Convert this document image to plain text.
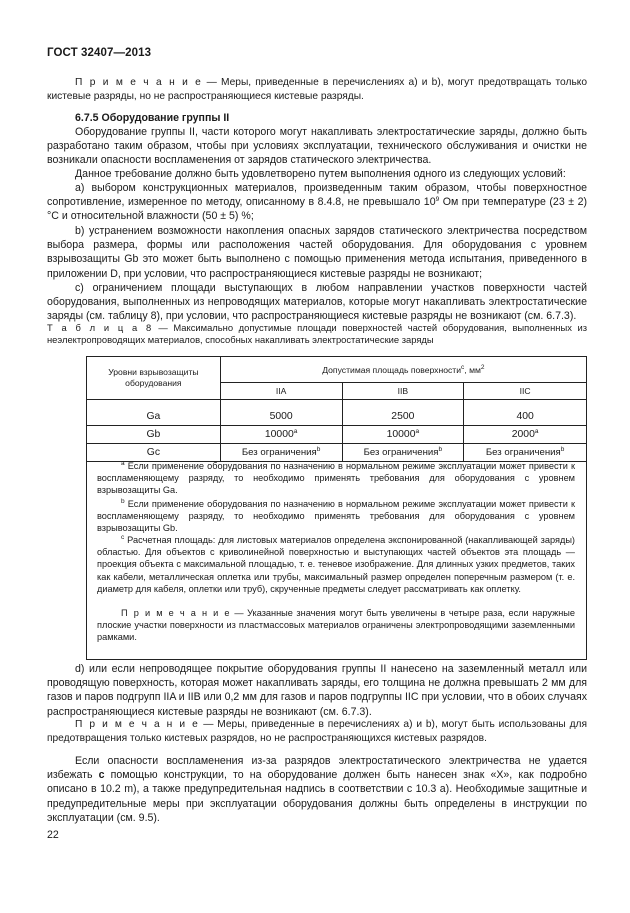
ГОСТ 32407—2013
П р и м е ч а н и е — Меры, приведенные в перечислениях а) и b), могут предотвращать только кистевые разряды, но не распространяющиеся кистевые разряды.
6.7.5 Оборудование группы II
Оборудование группы II, части которого могут накапливать электростатические заряды, должно быть разработано таким образом, чтобы при условиях эксплуатации, технического обслуживания и очистки не возникали опасности воспламенения от зарядов статического электричества.
Данное требование должно быть удовлетворено путем выполнения одного из следующих условий:
а) выбором конструкционных материалов, произведенным таким образом, чтобы поверхностное сопротивление, измеренное по методу, описанному в 8.4.8, не превышало $10^9$ Ом при температуре (23 ± 2) °С и относительной влажности (50 ± 5) %;
b) устранением возможности накопления опасных зарядов статического электричества посредством выбора размера, формы или расположения частей оборудования. Для оборудования с уровнем взрывозащиты Gb это может быть выполнено с помощью применения метода испытания, приведенного в приложении D, при условии, что распространяющиеся кистевые разряды не возникают;
с) ограничением площади выступающих в любом направлении участков поверхности частей оборудования, выполненных из непроводящих материалов, которые могут накапливать электростатические заряды (см. таблицу 8), при условии, что распространяющиеся кистевые разряды не возникают (см. 6.7.3).
Т а б л и ц а 8 — Максимально допустимые площади поверхностей частей оборудования, выполненных из неэлектропроводящих материалов, способных накапливать электростатические заряды
Уровни взрывозащиты оборудования	Допустимая площадь поверхности$^с$, $мм^2$
	IIA	IIB	IIC

Ga	5000	2500	400
Gb	10000$^a$	10000$^a$	2000$^a$
Gc	Без ограничения$^b$	Без ограничения$^b$	Без ограничения$^b$
$^а$ Если применение оборудования по назначению в нормальном режиме эксплуатации может привести к воспламеняющему разряду, то необходимо применять требования для оборудования с уровнем взрывозащиты Ga.
$^b$ Если применение оборудования по назначению в нормальном режиме эксплуатации может привести к воспламеняющему разряду, то необходимо применять требования для оборудования с уровнем взрывозащиты Gb.
$^с$ Расчетная площадь: для листовых материалов определена экспонированной (накапливающей заряды) областью. Для объектов с криволинейной поверхностью и выступающих частей объектов эта площадь — проекция объекта с максимальной площадью, т. е. теневое изображение. Для длинных узких предметов, таких как кабели, металлическая оплетка или трубы, максимальный размер определен поперечным размером (т. е. диаметр для кабеля, оплетки или труб), скрученные предметы следует рассматривать как оплетку.
П р и м е ч а н и е — Указанные значения могут быть увеличены в четыре раза, если наружные плоские участки поверхности из пластмассовых материалов ограничены электропроводящими заземленными рамками.
d) или если непроводящее покрытие оборудования группы II нанесено на заземленный металл или проводящую поверхность, которая может накапливать заряды, его толщина не должна превышать 2 мм для газов и паров подгрупп IIA и IIB или 0,2 мм для газов и паров подгруппы IIC при условии, что в обоих случаях распространяющиеся кистевые разряды не возникают (см. 6.7.3).
П р и м е ч а н и е — Меры, приведенные в перечислениях а) и b), могут быть использованы для предотвращения только кистевых разрядов, но не распространяющихся кистевых разрядов.
Если опасности воспламенения из-за разрядов электростатического электричества не удается избежать с помощью конструкции, то на оборудование должен быть нанесен знак «Х», как подробно описано в 10.2 m), а также предупредительная надпись в соответствии с 10.3 а). Необходимые защитные и предупредительные меры при эксплуатации оборудования должны быть определены в инструкции по эксплуатации (см. 9.5).
22
